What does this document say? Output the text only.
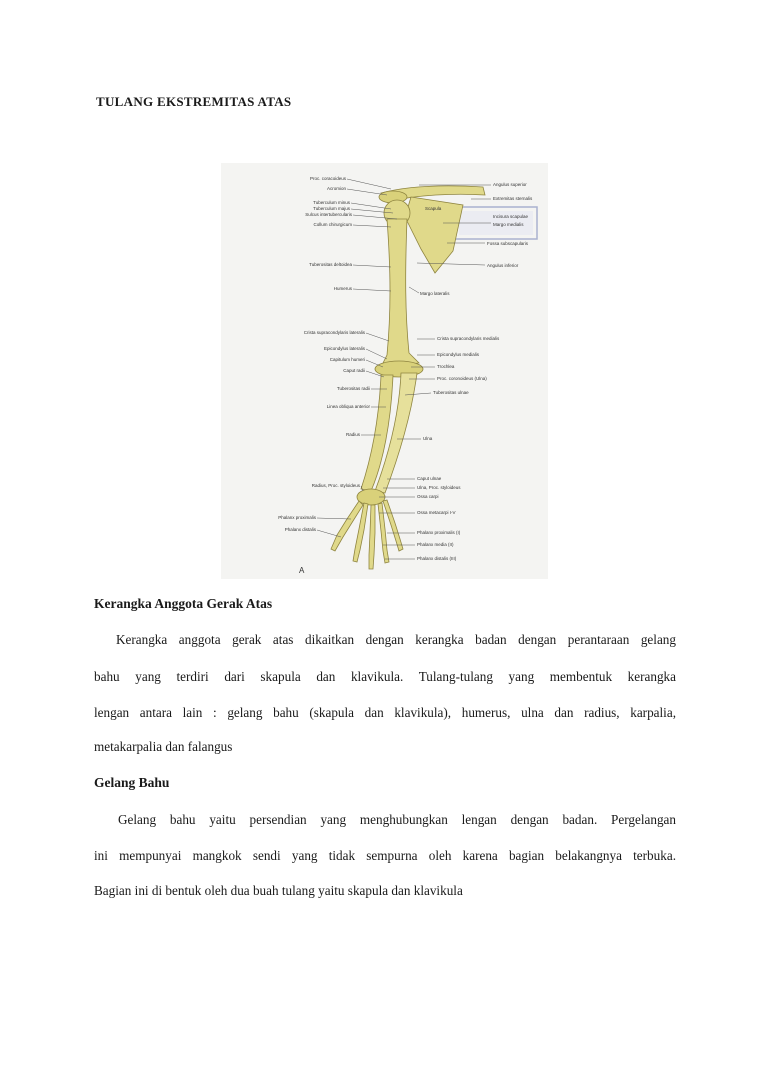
TULANG EKSTREMITAS ATAS
Proc. coracoideus
Acromion
Tuberculum minus
Tuberculum majus
Sulcus intertubercularis
Collum chirurgicum
Tuberositas deltoidea
Humerus
Crista supracondylaris lateralis
Epicondylus lateralis
Capitulum humeri
Caput radii
Tuberositas radii
Linea obliqua anterior
Radius
Radius, Proc. styloideus
Phalanx proximalis
Phalanx distalis
Angulus superior
Extremitas sternalis
Scapula
Incisura scapulae
Margo medialis
Fossa subscapularis
Angulus inferior
Margo lateralis
Crista supracondylaris medialis
Epicondylus medialis
Trochlea
Proc. coronoideus (Ulna)
Tuberositas ulnae
Ulna
Caput ulnae
Ulna, Proc. styloideus
Ossa carpi
Ossa metacarpi I-V
Phalanx proximalis (I)
Phalanx media (II)
Phalanx distalis (III)
A
Kerangka Anggota Gerak Atas

Kerangka anggota gerak atas dikaitkan dengan kerangka badan dengan perantaraan gelang

bahu yang terdiri dari skapula dan klavikula. Tulang-tulang yang membentuk kerangka

lengan antara lain : gelang bahu (skapula dan klavikula), humerus, ulna dan radius, karpalia,

metakarpalia dan falangus

Gelang Bahu

Gelang bahu yaitu persendian yang menghubungkan lengan dengan badan. Pergelangan

ini mempunyai mangkok sendi yang tidak sempurna oleh karena bagian belakangnya terbuka.

Bagian ini di bentuk oleh dua buah tulang yaitu skapula dan klavikula
